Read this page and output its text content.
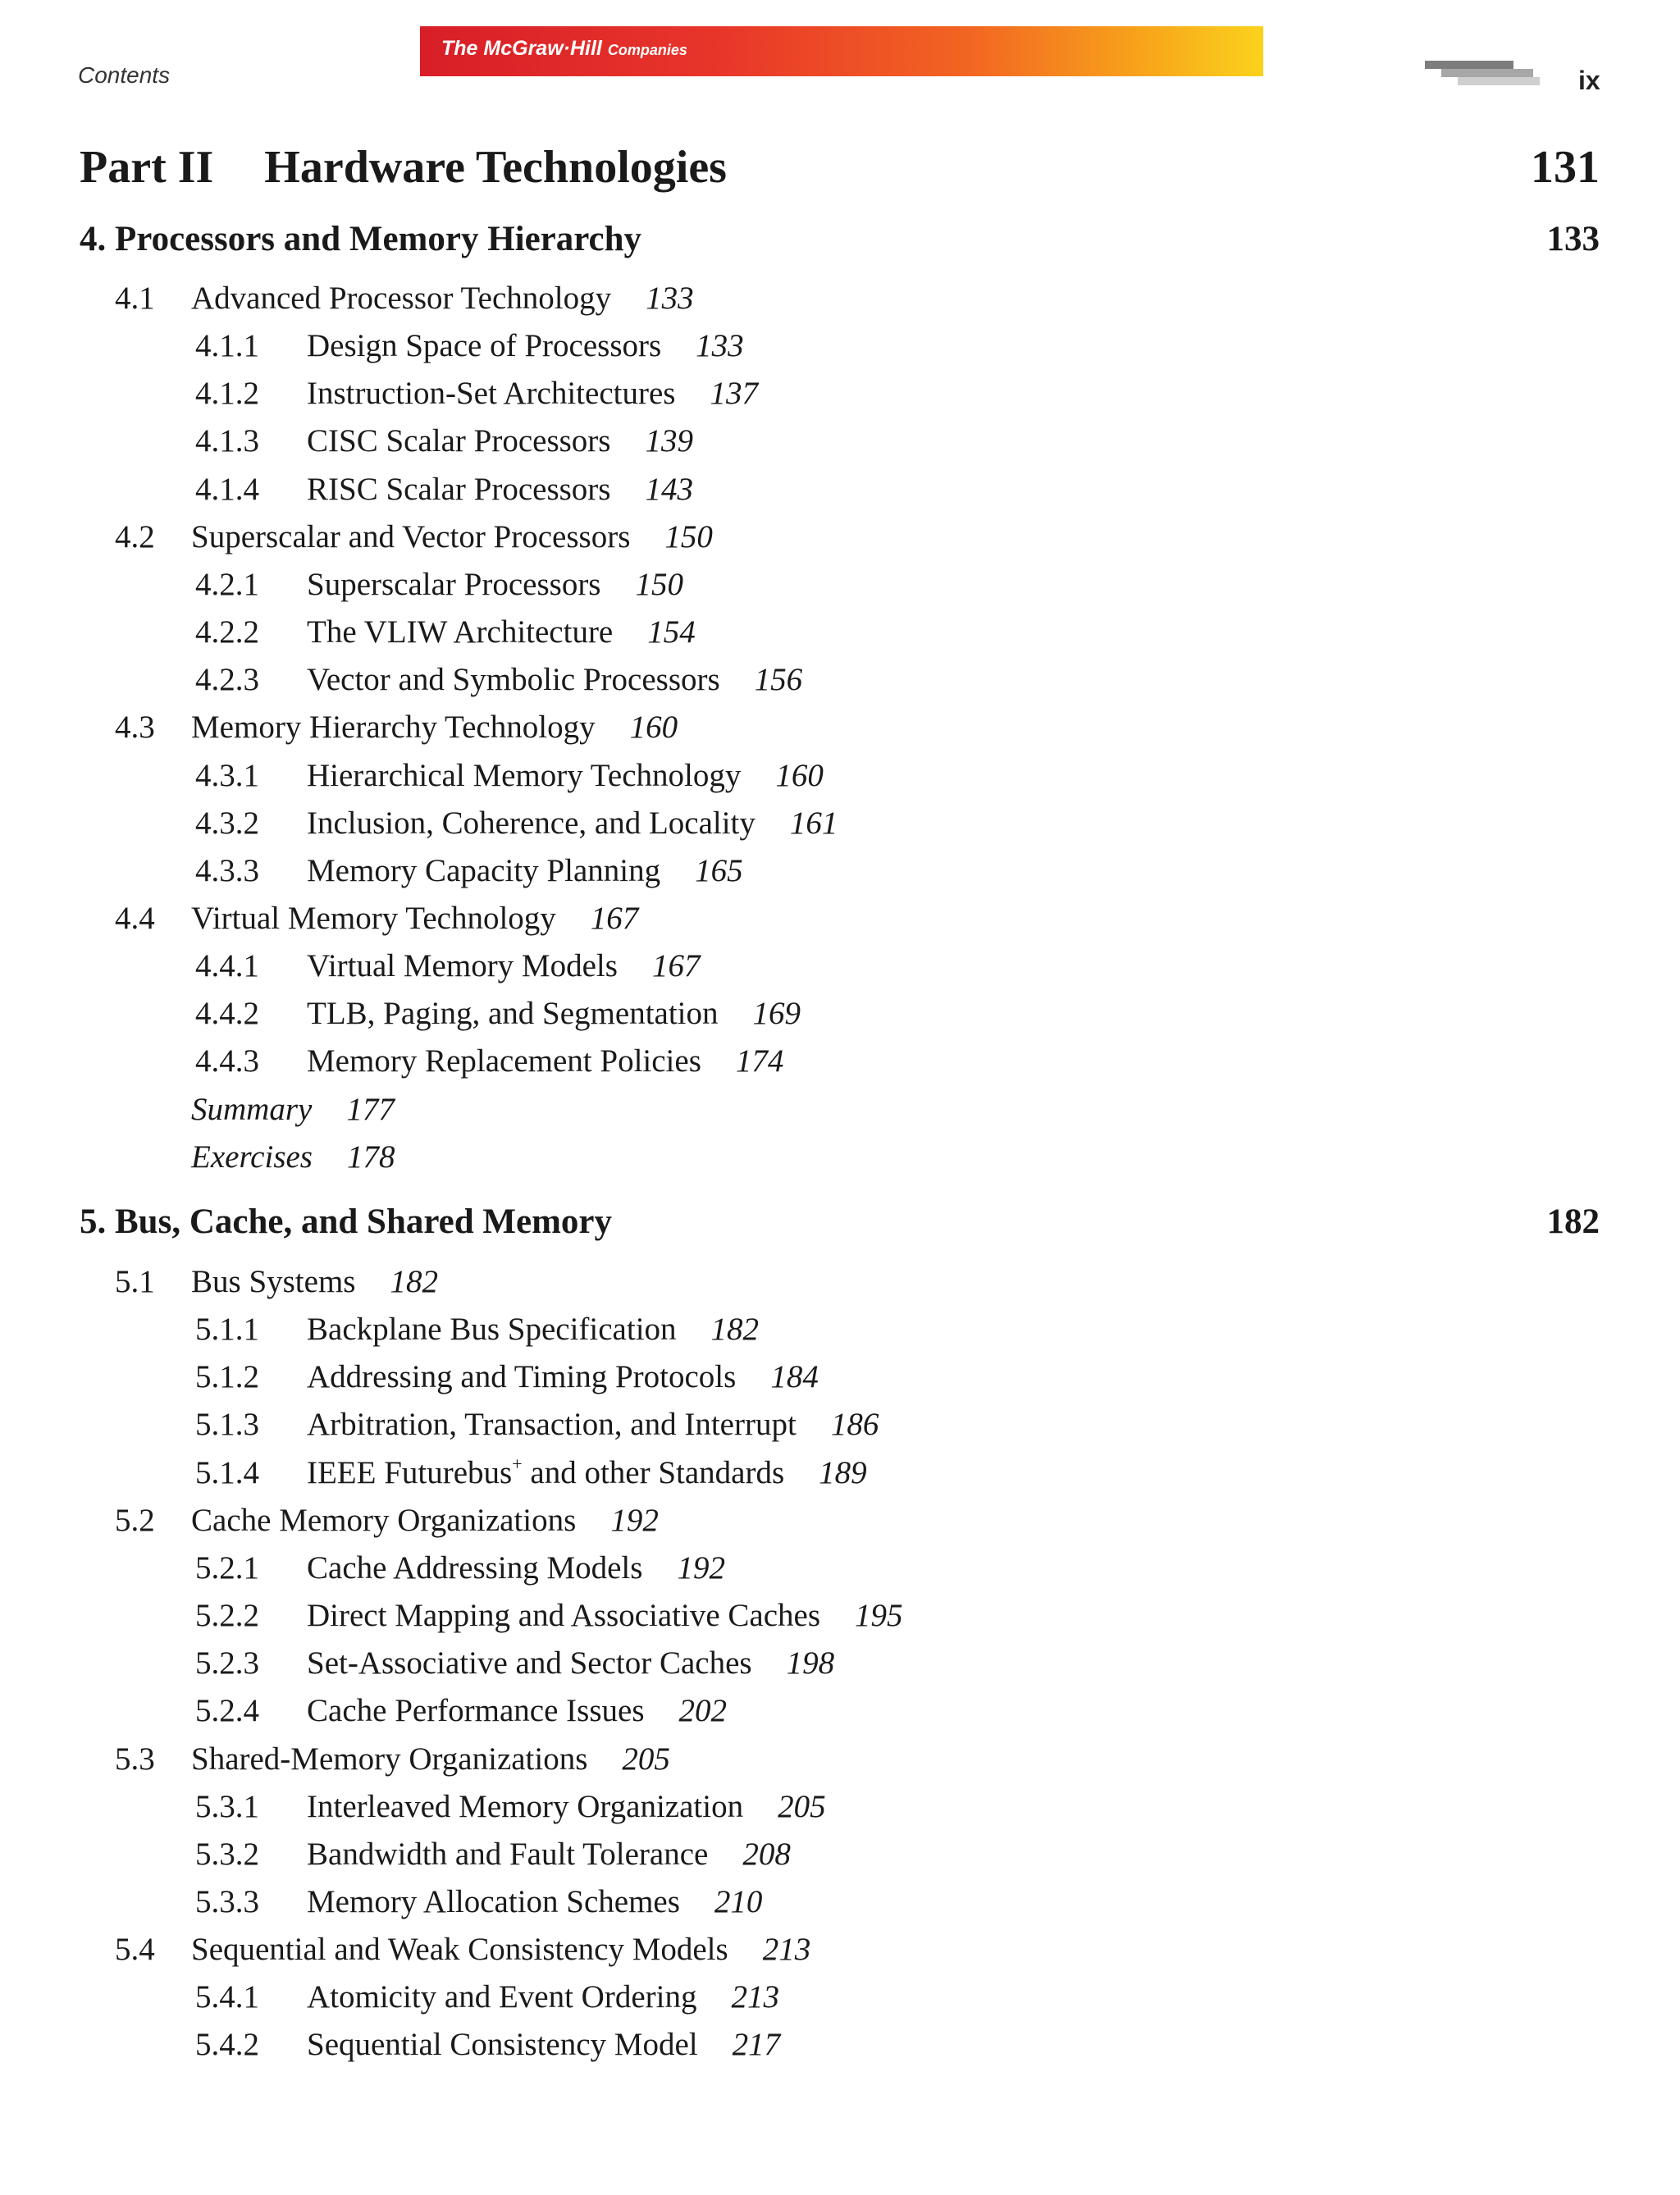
Contents
The McGraw·Hill Companies
ix
Part II Hardware Technologies	131
4. Processors and Memory Hierarchy	133
4.1 Advanced Processor Technology 133
4.1.1 Design Space of Processors 133
4.1.2 Instruction-Set Architectures 137
4.1.3 CISC Scalar Processors 139
4.1.4 RISC Scalar Processors 143
4.2 Superscalar and Vector Processors 150
4.2.1 Superscalar Processors 150
4.2.2 The VLIW Architecture 154
4.2.3 Vector and Symbolic Processors 156
4.3 Memory Hierarchy Technology 160
4.3.1 Hierarchical Memory Technology 160
4.3.2 Inclusion, Coherence, and Locality 161
4.3.3 Memory Capacity Planning 165
4.4 Virtual Memory Technology 167
4.4.1 Virtual Memory Models 167
4.4.2 TLB, Paging, and Segmentation 169
4.4.3 Memory Replacement Policies 174
Summary 177
Exercises 178
5. Bus, Cache, and Shared Memory	182
5.1 Bus Systems 182
5.1.1 Backplane Bus Specification 182
5.1.2 Addressing and Timing Protocols 184
5.1.3 Arbitration, Transaction, and Interrupt 186
5.1.4 IEEE Futurebus+ and other Standards 189
5.2 Cache Memory Organizations 192
5.2.1 Cache Addressing Models 192
5.2.2 Direct Mapping and Associative Caches 195
5.2.3 Set-Associative and Sector Caches 198
5.2.4 Cache Performance Issues 202
5.3 Shared-Memory Organizations 205
5.3.1 Interleaved Memory Organization 205
5.3.2 Bandwidth and Fault Tolerance 208
5.3.3 Memory Allocation Schemes 210
5.4 Sequential and Weak Consistency Models 213
5.4.1 Atomicity and Event Ordering 213
5.4.2 Sequential Consistency Model 217
